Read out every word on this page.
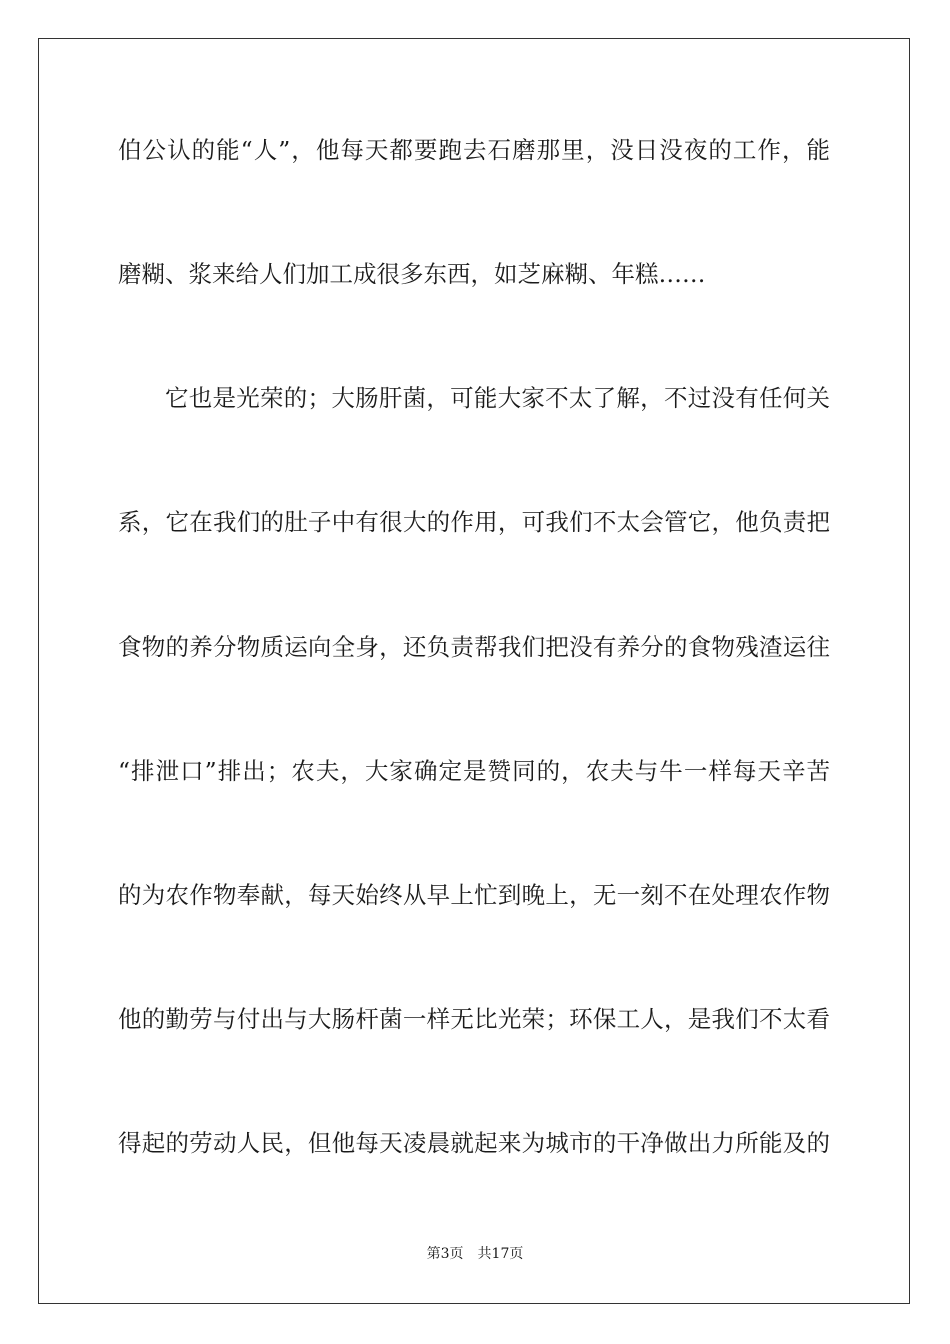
伯公认的能“人”，他每天都要跑去石磨那里，没日没夜的工作，能
磨糊、浆来给人们加工成很多东西，如芝麻糊、年糕……
它也是光荣的；大肠肝菌，可能大家不太了解，不过没有任何关
系，它在我们的肚子中有很大的作用，可我们不太会管它，他负责把
食物的养分物质运向全身，还负责帮我们把没有养分的食物残渣运往
“排泄口”排出；农夫，大家确定是赞同的，农夫与牛一样每天辛苦
的为农作物奉献，每天始终从早上忙到晚上，无一刻不在处理农作物
他的勤劳与付出与大肠杆菌一样无比光荣；环保工人，是我们不太看
得起的劳动人民，但他每天凌晨就起来为城市的干净做出力所能及的
第3页 共17页
